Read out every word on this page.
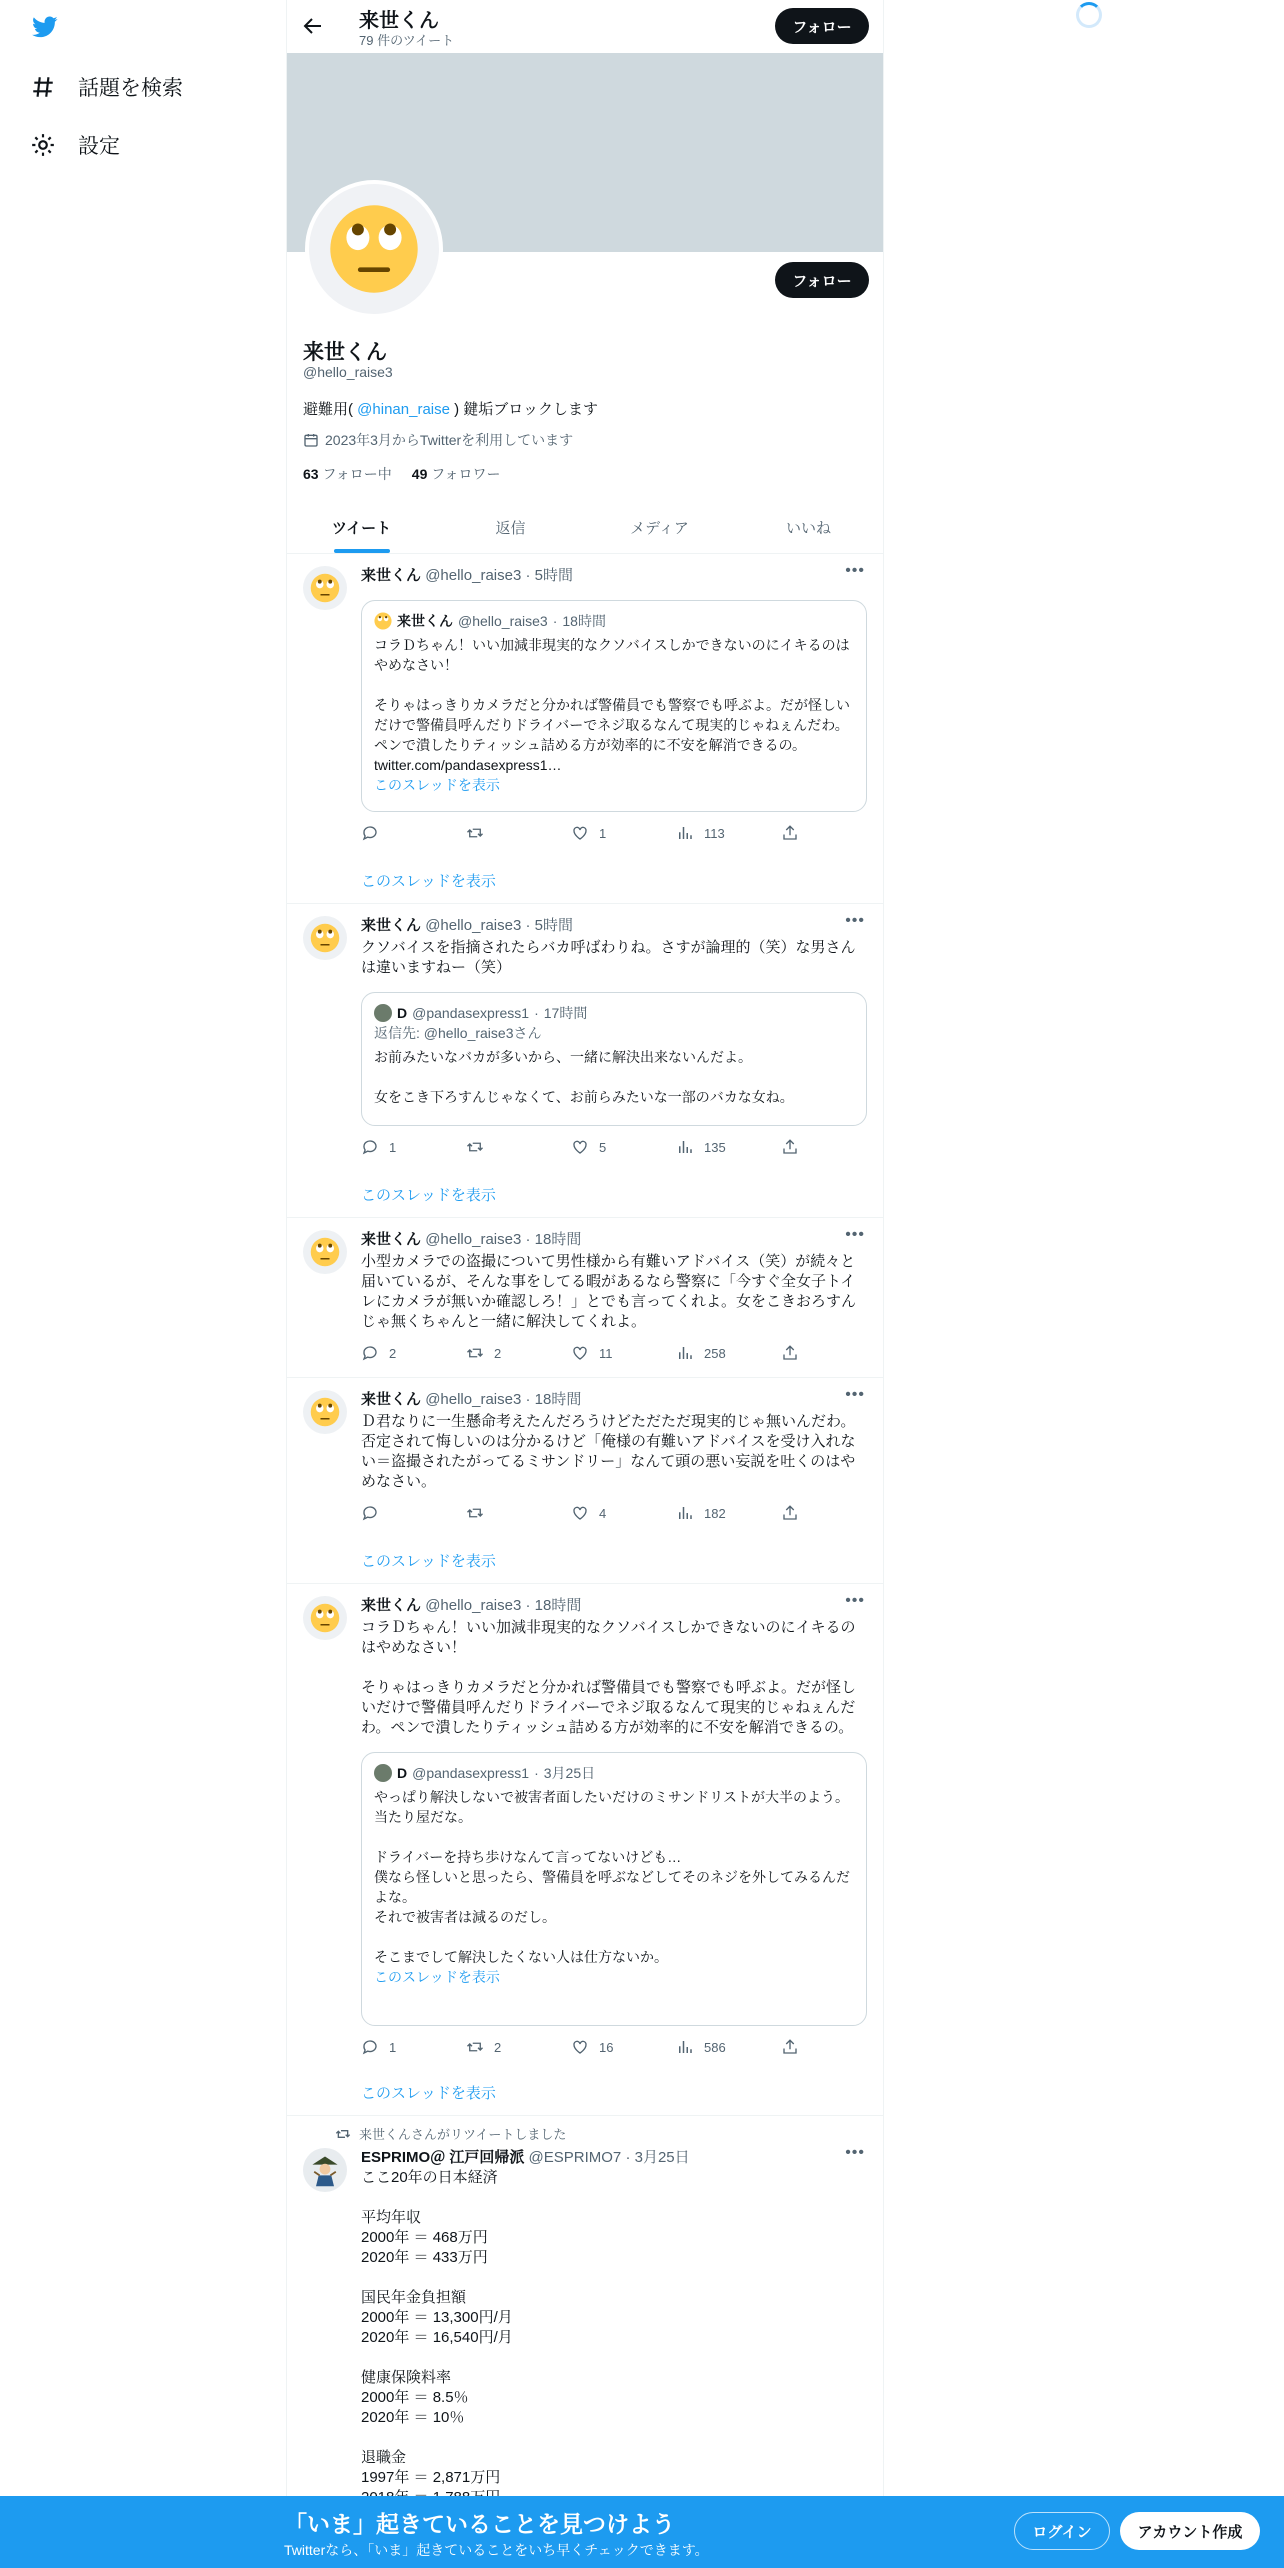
話題を検索
設定
来世くん
79 件のツイート
フォロー
フォロー
来世くん
@hello_raise3
避難用( @hinan_raise ) 鍵垢ブロックします
2023年3月からTwitterを利用しています
63 フォロー中 49 フォロワー
ツイート	返信	メディア	いいね
来世くん @hello_raise3 · 5時間	•••
来世くん @hello_raise3 · 18時間
コラＤちゃん！いい加減非現実的なクソバイスしかできないのにイキるのはやめなさい！

そりゃはっきりカメラだと分かれば警備員でも警察でも呼ぶよ。だが怪しいだけで警備員呼んだりドライバーでネジ取るなんて現実的じゃねぇんだわ。ペンで潰したりティッシュ詰める方が効率的に不安を解消できるの。 twitter.com/pandasexpress1…
このスレッドを表示
1	113
このスレッドを表示
来世くん @hello_raise3 · 5時間	•••
クソバイスを指摘されたらバカ呼ばわりね。さすが論理的（笑）な男さんは違いますねー（笑）
D @pandasexpress1 · 17時間
返信先: @hello_raise3さん
お前みたいなバカが多いから、一緒に解決出来ないんだよ。

女をこき下ろすんじゃなくて、お前らみたいな一部のバカな女ね。
1	5	135
このスレッドを表示
来世くん @hello_raise3 · 18時間	•••
小型カメラでの盗撮について男性様から有難いアドバイス（笑）が続々と届いているが、そんな事をしてる暇があるなら警察に「今すぐ全女子トイレにカメラが無いか確認しろ！」とでも言ってくれよ。女をこきおろすんじゃ無くちゃんと一緒に解決してくれよ。
2	2	11	258
来世くん @hello_raise3 · 18時間	•••
Ｄ君なりに一生懸命考えたんだろうけどただただ現実的じゃ無いんだわ。否定されて悔しいのは分かるけど「俺様の有難いアドバイスを受け入れない＝盗撮されたがってるミサンドリー」なんて頭の悪い妄説を吐くのはやめなさい。
4	182
このスレッドを表示
来世くん @hello_raise3 · 18時間	•••
コラＤちゃん！いい加減非現実的なクソバイスしかできないのにイキるのはやめなさい！

そりゃはっきりカメラだと分かれば警備員でも警察でも呼ぶよ。だが怪しいだけで警備員呼んだりドライバーでネジ取るなんて現実的じゃねぇんだわ。ペンで潰したりティッシュ詰める方が効率的に不安を解消できるの。
D @pandasexpress1 · 3月25日
やっぱり解決しないで被害者面したいだけのミサンドリストが大半のよう。
当たり屋だな。

ドライバーを持ち歩けなんて言ってないけども…
僕なら怪しいと思ったら、警備員を呼ぶなどしてそのネジを外してみるんだよな。
それで被害者は減るのだし。

そこまでして解決したくない人は仕方ないか。
このスレッドを表示
1	2	16	586
このスレッドを表示
来世くんさんがリツイートしました
ESPRIMO＠ 江戸回帰派 @ESPRIMO7 · 3月25日	•••
ここ20年の日本経済

平均年収
2000年 ＝ 468万円
2020年 ＝ 433万円

国民年金負担額
2000年 ＝ 13,300円/月
2020年 ＝ 16,540円/月

健康保険料率
2000年 ＝ 8.5％
2020年 ＝ 10％

退職金
1997年 ＝ 2,871万円

「いま」起きていることを見つけよう
Twitterなら、「いま」起きていることをいち早くチェックできます。
ログイン	アカウント作成
